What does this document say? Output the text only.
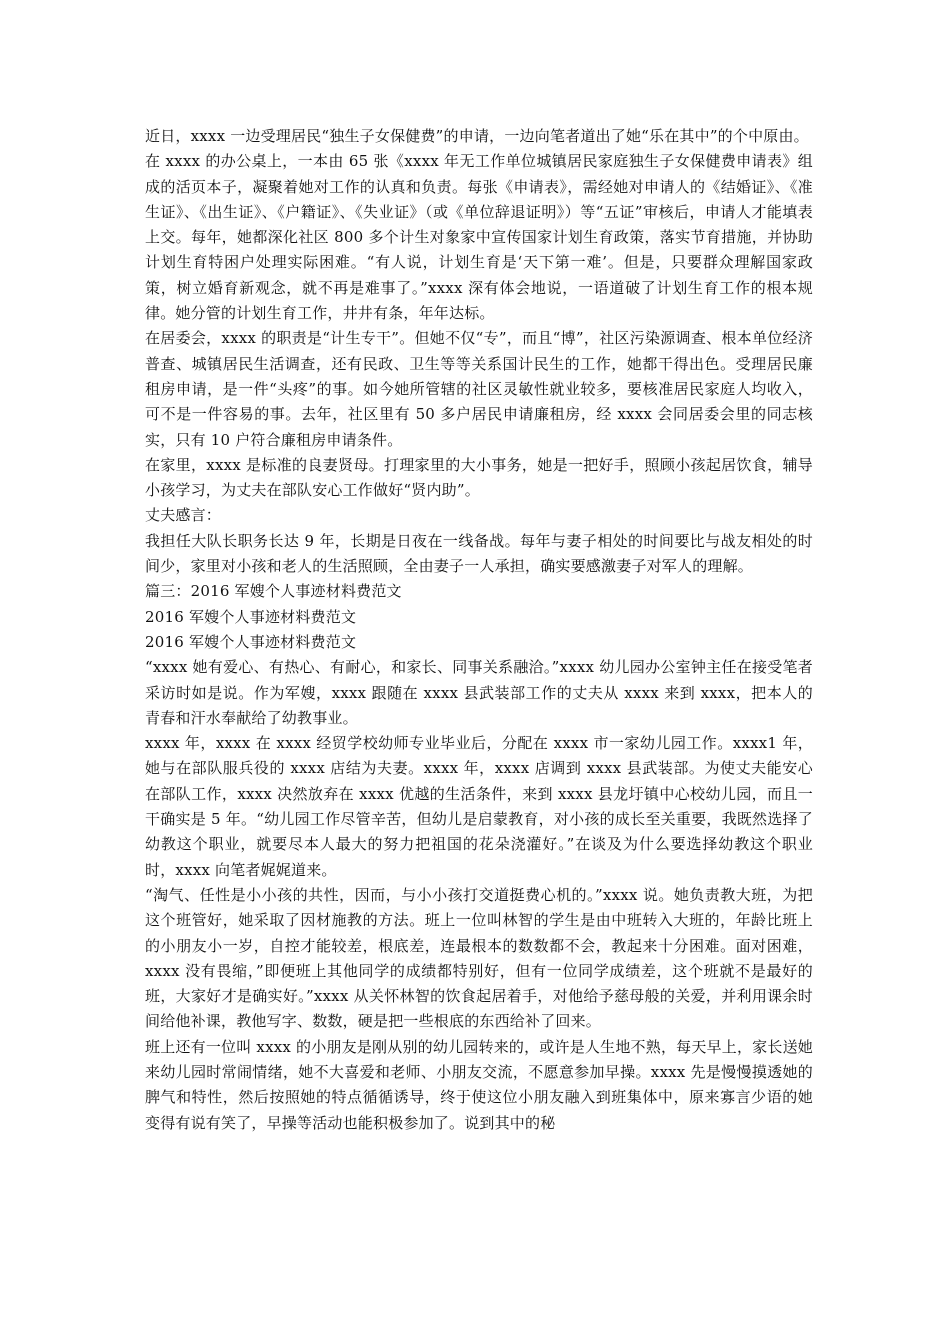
近日，xxxx 一边受理居民“独生子女保健费”的申请，一边向笔者道出了她“乐在其中”的个中原由。

在 xxxx 的办公桌上，一本由 65 张《xxxx 年无工作单位城镇居民家庭独生子女保健费申请表》组成的活页本子，凝聚着她对工作的认真和负责。每张《申请表》，需经她对申请人的《结婚证》、《准生证》、《出生证》、《户籍证》、《失业证》（或《单位辞退证明》）等“五证”审核后，申请人才能填表上交。每年，她都深化社区 800 多个计生对象家中宣传国家计划生育政策，落实节育措施，并协助计划生育特困户处理实际困难。“有人说，计划生育是‘天下第一难’。但是，只要群众理解国家政策，树立婚育新观念，就不再是难事了。”xxxx 深有体会地说，一语道破了计划生育工作的根本规律。她分管的计划生育工作，井井有条，年年达标。

在居委会，xxxx 的职责是“计生专干”。但她不仅“专”，而且“博”，社区污染源调查、根本单位经济普查、城镇居民生活调查，还有民政、卫生等等关系国计民生的工作，她都干得出色。受理居民廉租房申请，是一件“头疼”的事。如今她所管辖的社区灵敏性就业较多，要核准居民家庭人均收入，可不是一件容易的事。去年，社区里有 50 多户居民申请廉租房，经 xxxx 会同居委会里的同志核实，只有 10 户符合廉租房申请条件。

在家里，xxxx 是标准的良妻贤母。打理家里的大小事务，她是一把好手，照顾小孩起居饮食，辅导小孩学习，为丈夫在部队安心工作做好“贤内助”。

丈夫感言：

我担任大队长职务长达 9 年，长期是日夜在一线备战。每年与妻子相处的时间要比与战友相处的时间少，家里对小孩和老人的生活照顾，全由妻子一人承担，确实要感激妻子对军人的理解。

篇三：2016 军嫂个人事迹材料费范文

2016 军嫂个人事迹材料费范文

2016 军嫂个人事迹材料费范文

“xxxx 她有爱心、有热心、有耐心，和家长、同事关系融洽。”xxxx 幼儿园办公室钟主任在接受笔者采访时如是说。作为军嫂，xxxx 跟随在 xxxx 县武装部工作的丈夫从 xxxx 来到 xxxx，把本人的青春和汗水奉献给了幼教事业。

xxxx 年，xxxx 在 xxxx 经贸学校幼师专业毕业后，分配在 xxxx 市一家幼儿园工作。xxxx1 年，她与在部队服兵役的 xxxx 店结为夫妻。xxxx 年，xxxx 店调到 xxxx 县武装部。为使丈夫能安心在部队工作，xxxx 决然放弃在 xxxx 优越的生活条件，来到 xxxx 县龙圩镇中心校幼儿园，而且一干确实是 5 年。“幼儿园工作尽管辛苦，但幼儿是启蒙教育，对小孩的成长至关重要，我既然选择了幼教这个职业，就要尽本人最大的努力把祖国的花朵浇灌好。”在谈及为什么要选择幼教这个职业时，xxxx 向笔者娓娓道来。

“淘气、任性是小小孩的共性，因而，与小小孩打交道挺费心机的。”xxxx 说。她负责教大班，为把这个班管好，她采取了因材施教的方法。班上一位叫林智的学生是由中班转入大班的，年龄比班上的小朋友小一岁，自控才能较差，根底差，连最根本的数数都不会，教起来十分困难。面对困难，xxxx 没有畏缩，”即便班上其他同学的成绩都特别好，但有一位同学成绩差，这个班就不是最好的班，大家好才是确实好。”xxxx 从关怀林智的饮食起居着手，对他给予慈母般的关爱，并利用课余时间给他补课，教他写字、数数，硬是把一些根底的东西给补了回来。

班上还有一位叫 xxxx 的小朋友是刚从别的幼儿园转来的，或许是人生地不熟，每天早上，家长送她来幼儿园时常闹情绪，她不大喜爱和老师、小朋友交流，不愿意参加早操。xxxx 先是慢慢摸透她的脾气和特性，然后按照她的特点循循诱导，终于使这位小朋友融入到班集体中，原来寡言少语的她变得有说有笑了，早操等活动也能积极参加了。说到其中的秘
